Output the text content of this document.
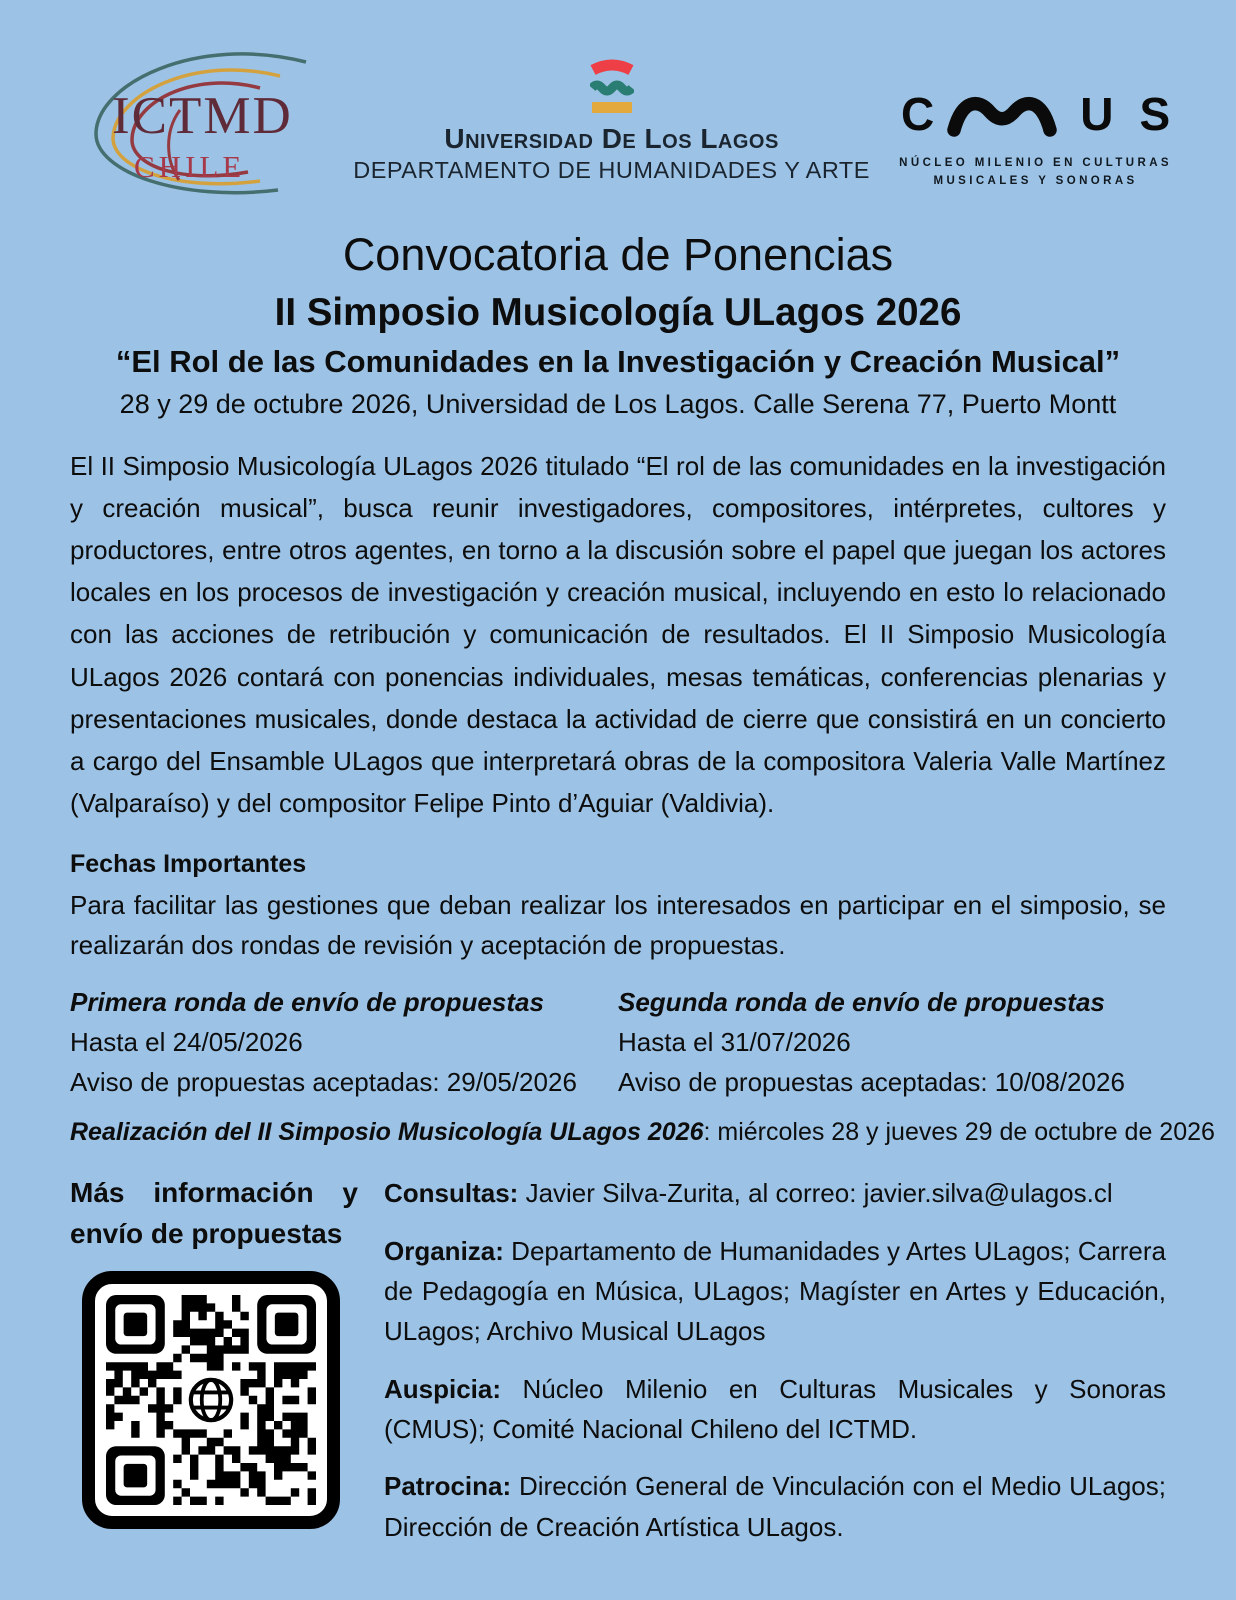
ICTMD
CHILE
Universidad De Los Lagos
DEPARTAMENTO DE HUMANIDADES Y ARTE
C	U S
NÚCLEO MILENIO EN CULTURAS
MUSICALES Y SONORAS
Convocatoria de Ponencias
II Simposio Musicología ULagos 2026
“El Rol de las Comunidades en la Investigación y Creación Musical”
28 y 29 de octubre 2026, Universidad de Los Lagos. Calle Serena 77, Puerto Montt

El II Simposio Musicología ULagos 2026 titulado “El rol de las comunidades en la investigación y creación musical”, busca reunir investigadores, compositores, intérpretes, cultores y productores, entre otros agentes, en torno a la discusión sobre el papel que juegan los actores locales en los procesos de investigación y creación musical, incluyendo en esto lo relacionado con las acciones de retribución y comunicación de resultados. El II Simposio Musicología ULagos 2026 contará con ponencias individuales, mesas temáticas, conferencias plenarias y presentaciones musicales, donde destaca la actividad de cierre que consistirá en un concierto a cargo del Ensamble ULagos que interpretará obras de la compositora Valeria Valle Martínez (Valparaíso) y del compositor Felipe Pinto d’Aguiar (Valdivia).

Fechas Importantes

Para facilitar las gestiones que deban realizar los interesados en participar en el simposio, se realizarán dos rondas de revisión y aceptación de propuestas.

Primera ronda de envío de propuestas
Hasta el 24/05/2026
Aviso de propuestas aceptadas: 29/05/2026
Segunda ronda de envío de propuestas
Hasta el 31/07/2026
Aviso de propuestas aceptadas: 10/08/2026
Realización del II Simposio Musicología ULagos 2026: miércoles 28 y jueves 29 de octubre de 2026
Más información y envío de propuestas

Consultas: Javier Silva-Zurita, al correo: javier.silva@ulagos.cl

Organiza: Departamento de Humanidades y Artes ULagos; Carrera de Pedagogía en Música, ULagos; Magíster en Artes y Educación, ULagos; Archivo Musical ULagos

Auspicia: Núcleo Milenio en Culturas Musicales y Sonoras (CMUS); Comité Nacional Chileno del ICTMD.

Patrocina: Dirección General de Vinculación con el Medio ULagos; Dirección de Creación Artística ULagos.
